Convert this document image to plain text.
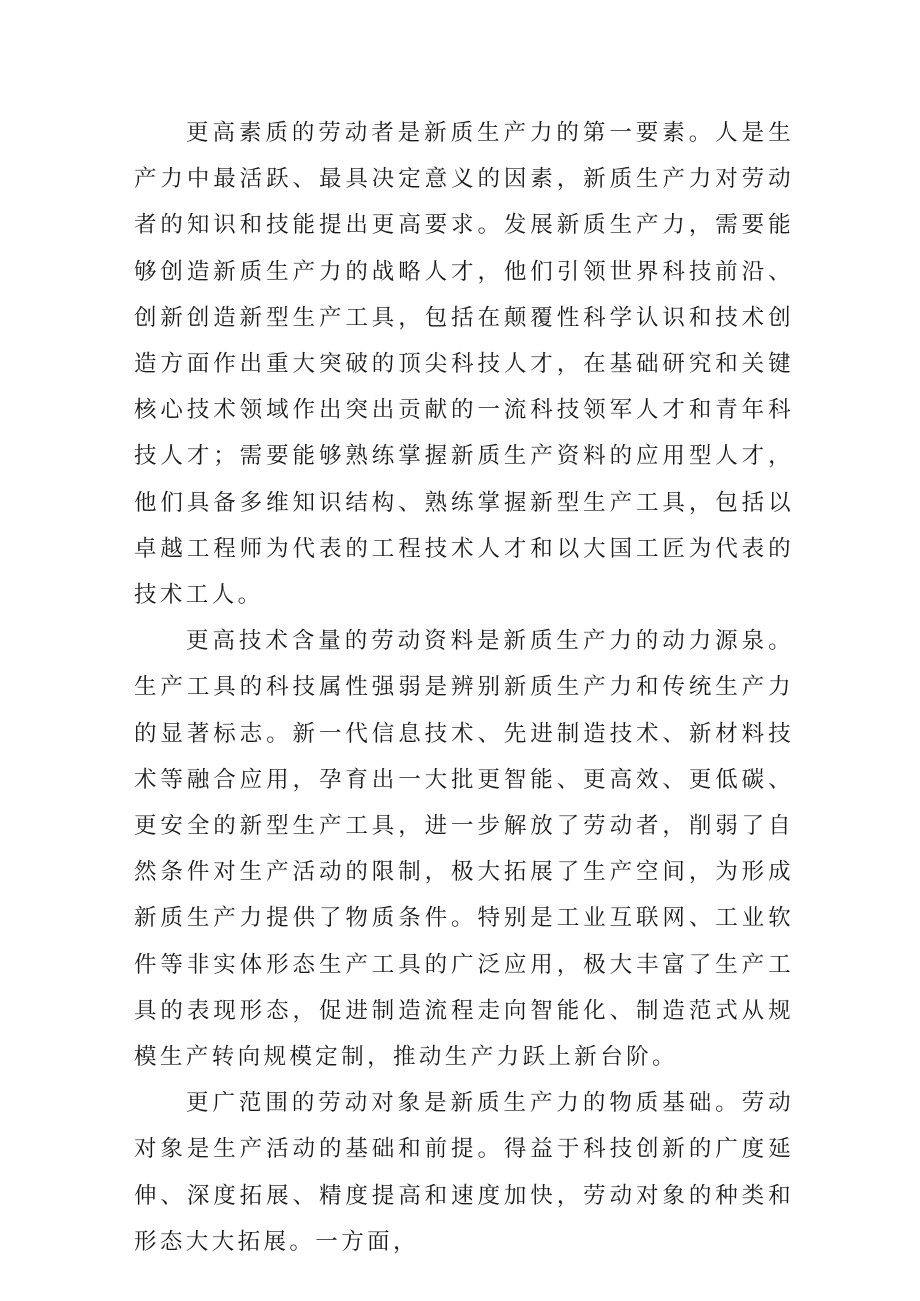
更高素质的劳动者是新质生产力的第一要素。人是生产力中最活跃、最具决定意义的因素，新质生产力对劳动者的知识和技能提出更高要求。发展新质生产力，需要能够创造新质生产力的战略人才，他们引领世界科技前沿、创新创造新型生产工具，包括在颠覆性科学认识和技术创造方面作出重大突破的顶尖科技人才，在基础研究和关键核心技术领域作出突出贡献的一流科技领军人才和青年科技人才；需要能够熟练掌握新质生产资料的应用型人才，他们具备多维知识结构、熟练掌握新型生产工具，包括以卓越工程师为代表的工程技术人才和以大国工匠为代表的技术工人。

更高技术含量的劳动资料是新质生产力的动力源泉。生产工具的科技属性强弱是辨别新质生产力和传统生产力的显著标志。新一代信息技术、先进制造技术、新材料技术等融合应用，孕育出一大批更智能、更高效、更低碳、更安全的新型生产工具，进一步解放了劳动者，削弱了自然条件对生产活动的限制，极大拓展了生产空间，为形成新质生产力提供了物质条件。特别是工业互联网、工业软件等非实体形态生产工具的广泛应用，极大丰富了生产工具的表现形态，促进制造流程走向智能化、制造范式从规模生产转向规模定制，推动生产力跃上新台阶。

更广范围的劳动对象是新质生产力的物质基础。劳动对象是生产活动的基础和前提。得益于科技创新的广度延伸、深度拓展、精度提高和速度加快，劳动对象的种类和形态大大拓展。一方面，
